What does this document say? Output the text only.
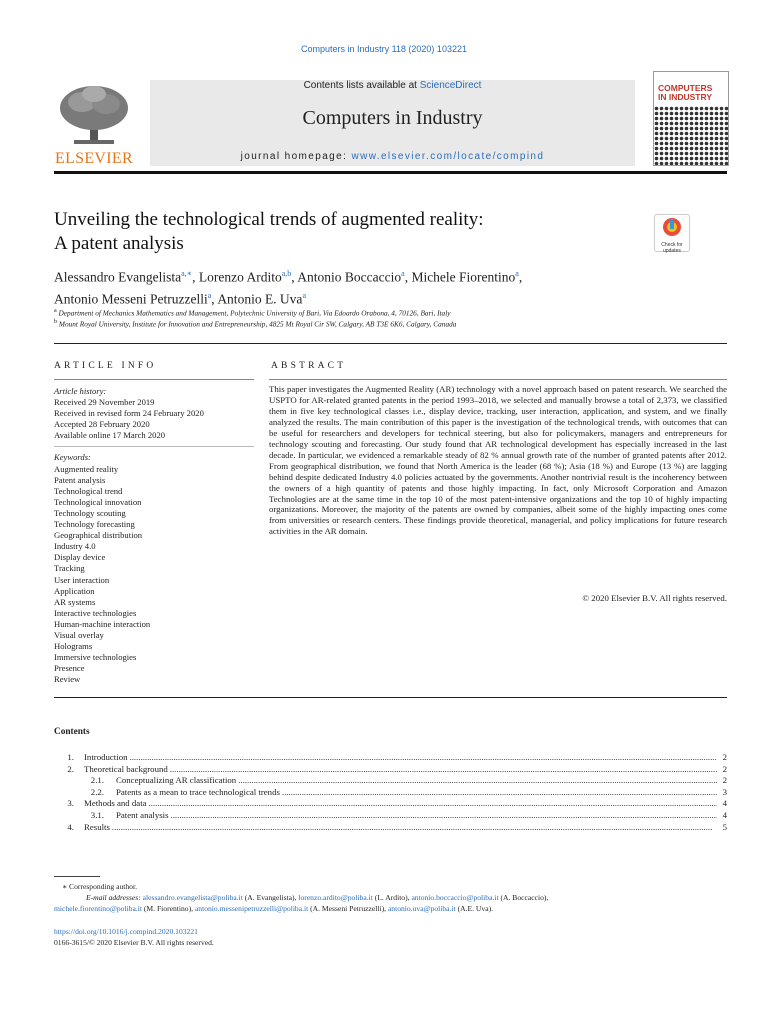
Computers in Industry 118 (2020) 103221
ELSEVIER
Contents lists available at ScienceDirect
Computers in Industry
journal homepage: www.elsevier.com/locate/compind
COMPUTERS IN INDUSTRY
Unveiling the technological trends of augmented reality:
A patent analysis	Check for
updates
Alessandro Evangelista$^{a,∗}$, Lorenzo Ardito$^{a,b}$, Antonio Boccaccio$^a$, Michele Fiorentino$^a$,
Antonio Messeni Petruzzelli$^a$, Antonio E. Uva$^a$
$^a$ Department of Mechanics Mathematics and Management, Polytechnic University of Bari, Via Edoardo Orabona, 4, 70126, Bari, Italy
$^b$ Mount Royal University, Institute for Innovation and Entrepreneurship, 4825 Mt Royal Cir SW, Calgary, AB T3E 6K6, Calgary, Canada
ARTICLE INFO
Article history:
Received 29 November 2019
Received in revised form 24 February 2020
Accepted 28 February 2020
Available online 17 March 2020
Keywords:
Augmented reality
Patent analysis
Technological trend
Technological innovation
Technology scouting
Technology forecasting
Geographical distribution
Industry 4.0
Display device
Tracking
User interaction
Application
AR systems
Interactive technologies
Human-machine interaction
Visual overlay
Holograms
Immersive technologies
Presence
Review
ABSTRACT
This paper investigates the Augmented Reality (AR) technology with a novel approach based on patent research. We searched the USPTO for AR-related granted patents in the period 1993–2018, we selected and manually browse a total of 2,373, we classified them in five key technological classes i.e., display device, tracking, user interaction, application, and system, and we finally analyzed the results. The main contribution of this paper is the investigation of the technological trends, with outcomes that can be useful for researchers and developers for technical steering, but also for policymakers, managers and entrepreneurs for technology scouting and forecasting. Our study found that AR technological development has especially increased in the last decade. In particular, we evidenced a remarkable steady of 82 % annual growth rate of the number of granted patents after 2012. From geographical distribution, we found that North America is the leader (68 %); Asia (18 %) and Europe (13 %) are lagging behind despite dedicated Industry 4.0 policies actuated by the governments. Another nontrivial result is the incoherency between the owners of a high quantity of patents and those highly impacting. In fact, only Microsoft Corporation and Amazon Technologies are at the same time in the top 10 of the most patent-intensive organizations and the top 10 of highly impacting organizations. Moreover, the majority of the patents are owned by companies, albeit some of the highly impacting ones come from universities or research centers. These findings provide theoretical, managerial, and policy implications for future research activities in the AR domain.
© 2020 Elsevier B.V. All rights reserved.
Contents
1. Introduction .....	2
2. Theoretical background .....	2
2.1. Conceptualizing AR classification .....	2
2.2. Patents as a mean to trace technological trends .....	3
3. Methods and data .....	4
3.1. Patent analysis .....	4
4. Results .....	5
∗ Corresponding author.
E-mail addresses: alessandro.evangelista@poliba.it (A. Evangelista), lorenzo.ardito@poliba.it (L. Ardito), antonio.boccaccio@poliba.it (A. Boccaccio),
michele.fiorentino@poliba.it (M. Fiorentino), antonio.messenipetruzzelli@poliba.it (A. Messeni Petruzzelli), antonio.uva@poliba.it (A.E. Uva).
https://doi.org/10.1016/j.compind.2020.103221
0166-3615/© 2020 Elsevier B.V. All rights reserved.
